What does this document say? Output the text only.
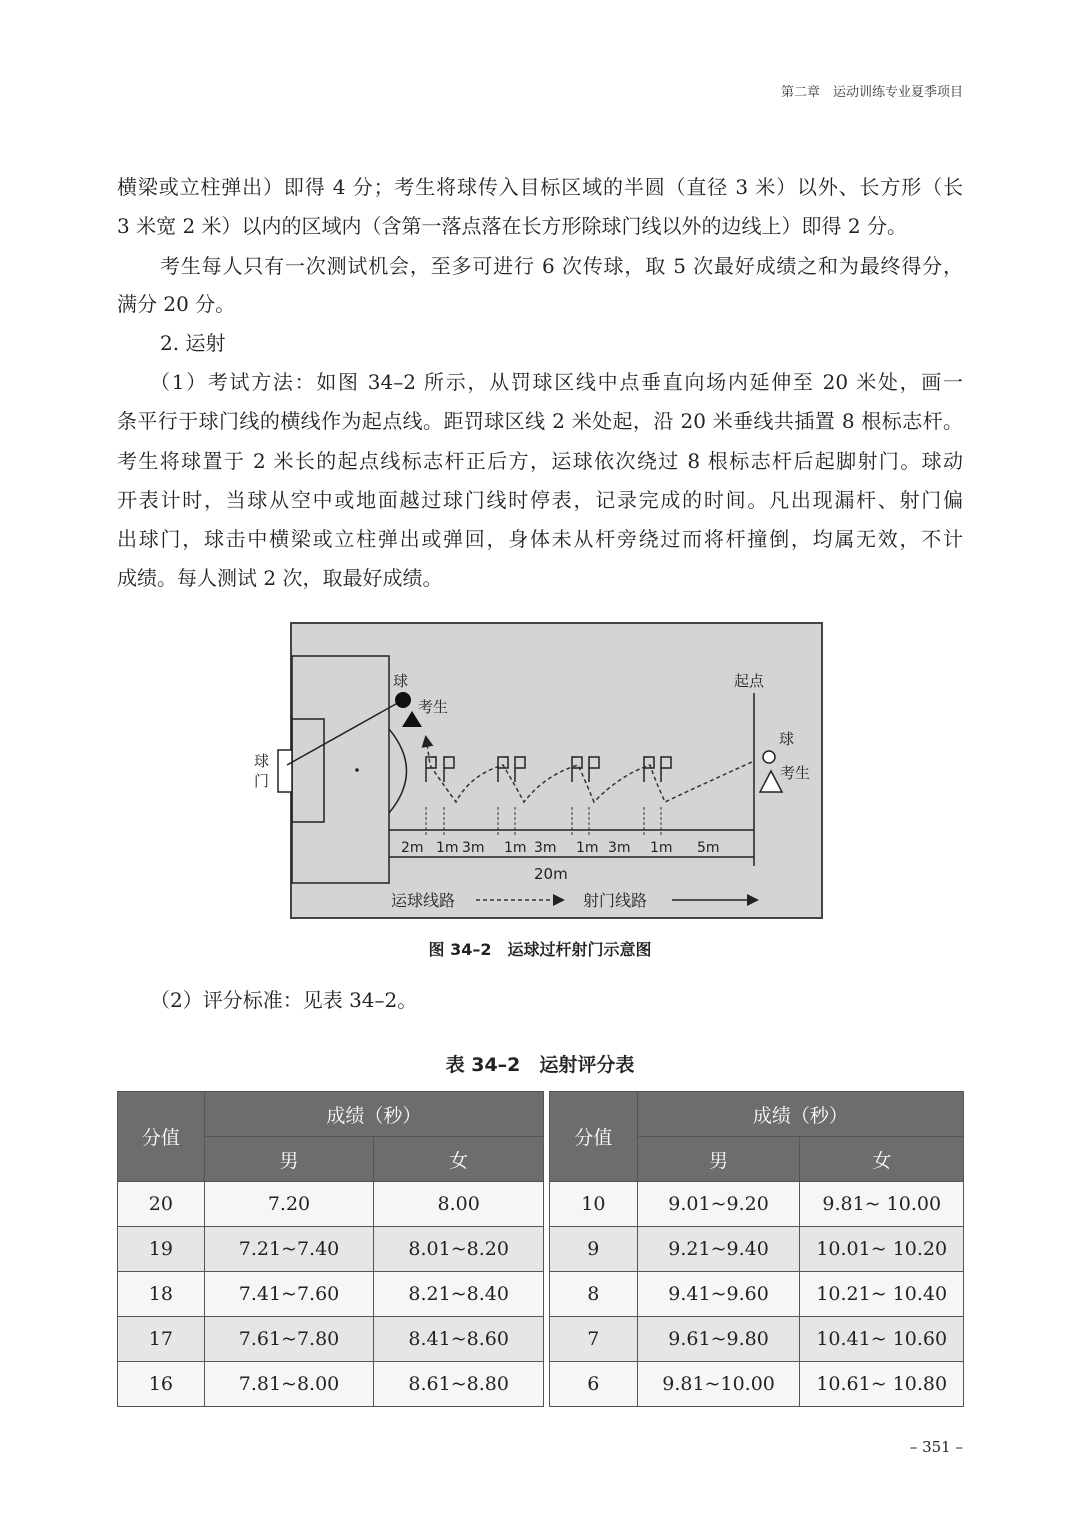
第二章　运动训练专业夏季项目
横梁或立柱弹出）即得 4 分；考生将球传入目标区域的半圆（直径 3 米）以外、长方形（长
3 米宽 2 米）以内的区域内（含第一落点落在长方形除球门线以外的边线上）即得 2 分。
考生每人只有一次测试机会，至多可进行 6 次传球，取 5 次最好成绩之和为最终得分，
满分 20 分。
2. 运射
（1）考试方法：如图 34–2 所示，从罚球区线中点垂直向场内延伸至 20 米处，画一
条平行于球门线的横线作为起点线。距罚球区线 2 米处起，沿 20 米垂线共插置 8 根标志杆。
考生将球置于 2 米长的起点线标志杆正后方，运球依次绕过 8 根标志杆后起脚射门。球动
开表计时，当球从空中或地面越过球门线时停表，记录完成的时间。凡出现漏杆、射门偏
出球门，球击中横梁或立柱弹出或弹回，身体未从杆旁绕过而将杆撞倒，均属无效，不计
成绩。每人测试 2 次，取最好成绩。
球
考生
球
门
起点
球
考生
2m 1m 3m 1m 3m 1m 3m 1m 5m
20m
运球线路	射门线路
图 34–2　运球过杆射门示意图
（2）评分标准：见表 34–2。
表 34–2　运射评分表
分值	成绩（秒）	
	男	女
20	7.20	8.00
19	7.21~7.40	8.01~8.20
18	7.41~7.60	8.21~8.40
17	7.61~7.80	8.41~8.60
16	7.81~8.00	8.61~8.80
分值	成绩（秒）	
	男	女
10	9.01~9.20	9.81~ 10.00
9	9.21~9.40	10.01~ 10.20
8	9.41~9.60	10.21~ 10.40
7	9.61~9.80	10.41~ 10.60
6	9.81~10.00	10.61~ 10.80
– 351 –
